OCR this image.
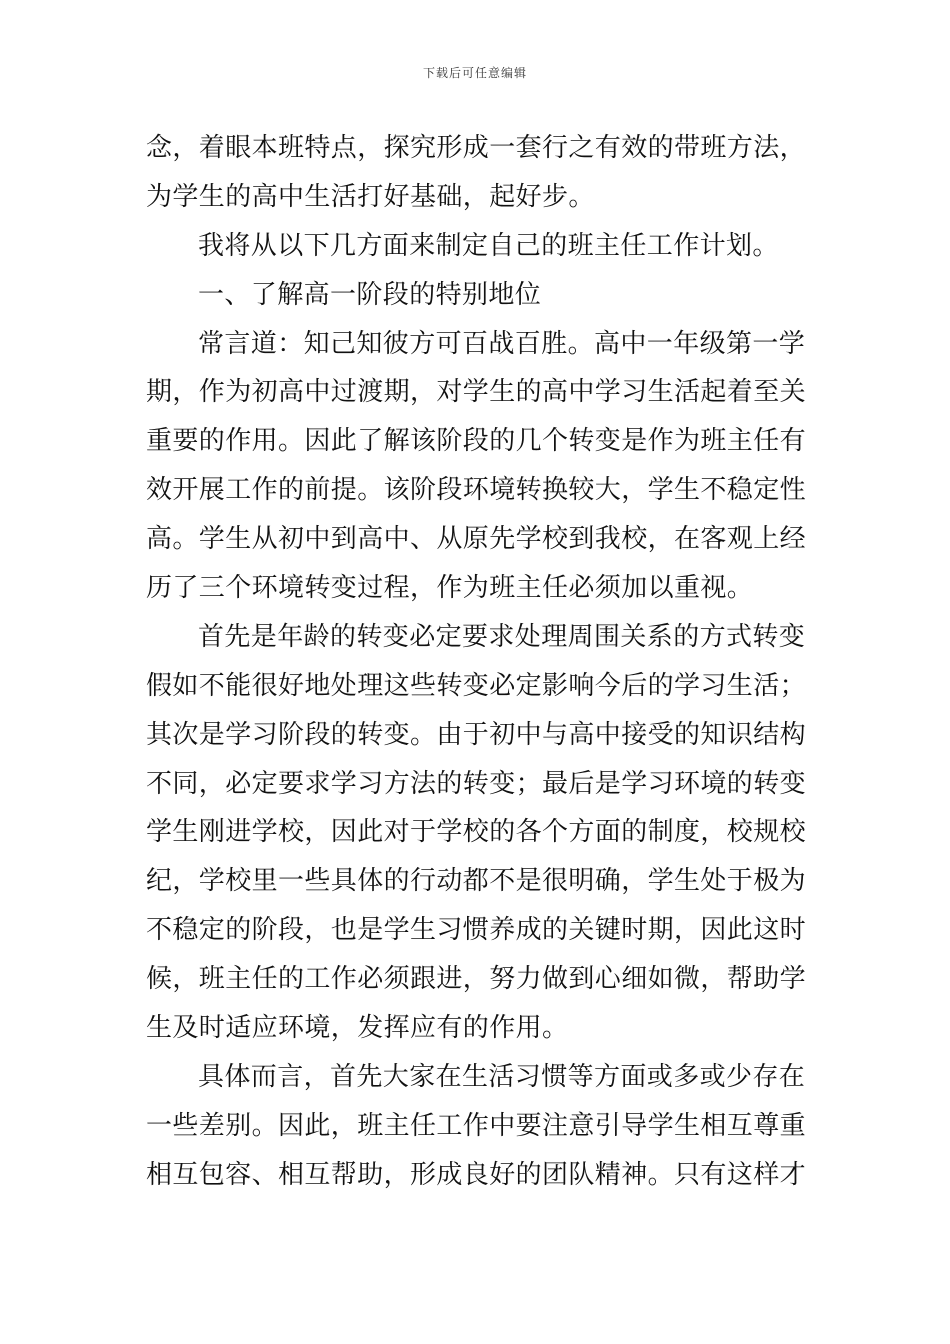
下载后可任意编辑
念，着眼本班特点，探究形成一套行之有效的带班方法，
为学生的高中生活打好基础，起好步。
我将从以下几方面来制定自己的班主任工作计划。
一、了解高一阶段的特别地位
常言道：知己知彼方可百战百胜。高中一年级第一学
期，作为初高中过渡期，对学生的高中学习生活起着至关
重要的作用。因此了解该阶段的几个转变是作为班主任有
效开展工作的前提。该阶段环境转换较大，学生不稳定性
高。学生从初中到高中、从原先学校到我校，在客观上经
历了三个环境转变过程，作为班主任必须加以重视。
首先是年龄的转变必定要求处理周围关系的方式转变
假如不能很好地处理这些转变必定影响今后的学习生活；
其次是学习阶段的转变。由于初中与高中接受的知识结构
不同，必定要求学习方法的转变；最后是学习环境的转变
学生刚进学校，因此对于学校的各个方面的制度，校规校
纪，学校里一些具体的行动都不是很明确，学生处于极为
不稳定的阶段，也是学生习惯养成的关键时期，因此这时
候，班主任的工作必须跟进，努力做到心细如微，帮助学
生及时适应环境，发挥应有的作用。
具体而言，首先大家在生活习惯等方面或多或少存在
一些差别。因此，班主任工作中要注意引导学生相互尊重
相互包容、相互帮助，形成良好的团队精神。只有这样才
